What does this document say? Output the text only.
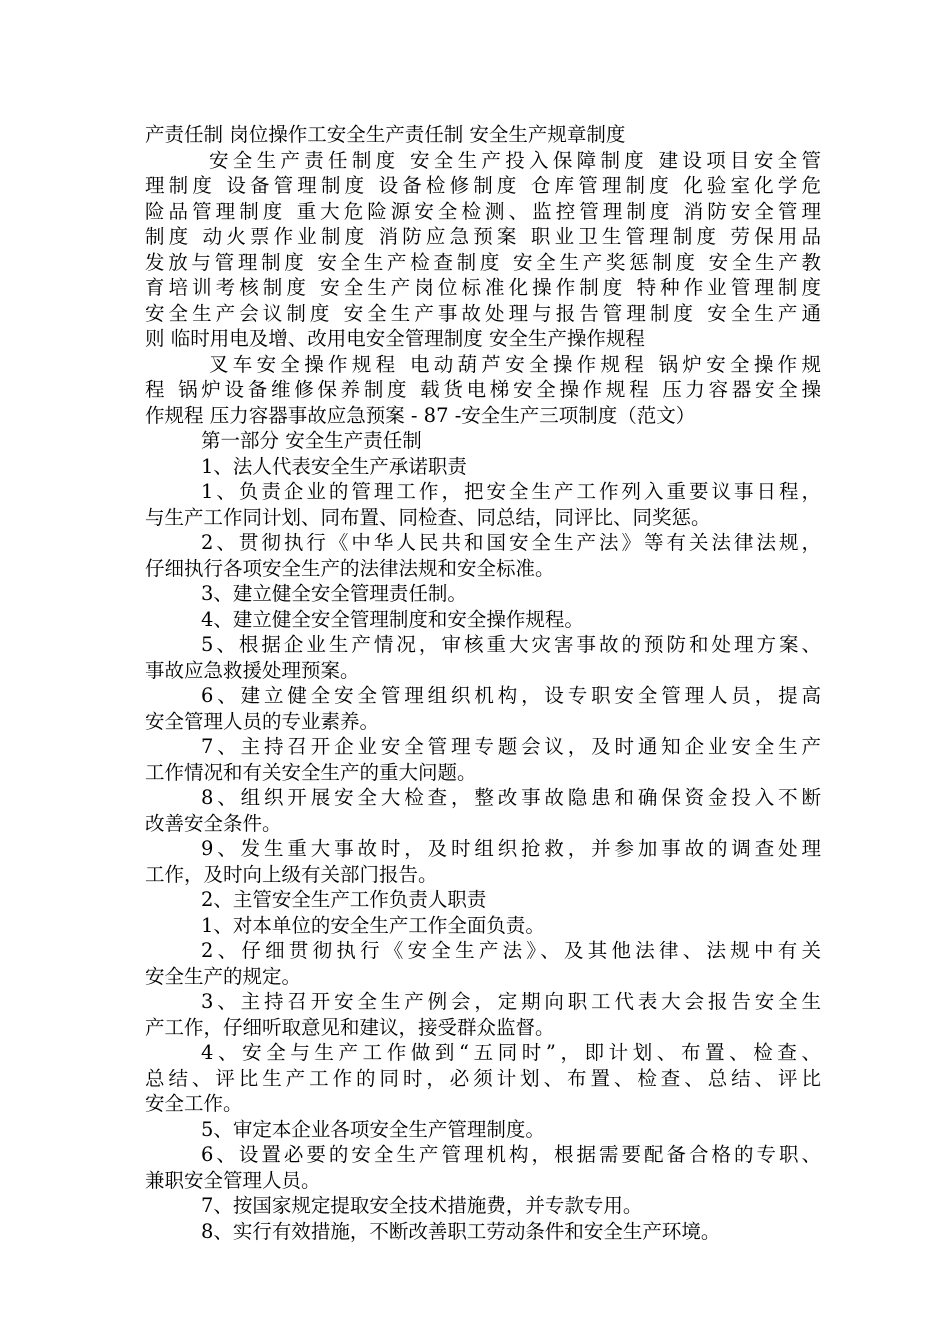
产责任制 岗位操作工安全生产责任制 安全生产规章制度
安全生产责任制度 安全生产投入保障制度 建设项目安全管
理制度 设备管理制度 设备检修制度 仓库管理制度 化验室化学危
险品管理制度 重大危险源安全检测、监控管理制度 消防安全管理
制度 动火票作业制度 消防应急预案 职业卫生管理制度 劳保用品
发放与管理制度 安全生产检查制度 安全生产奖惩制度 安全生产教
育培训考核制度 安全生产岗位标准化操作制度 特种作业管理制度
安全生产会议制度 安全生产事故处理与报告管理制度 安全生产通
则 临时用电及增、改用电安全管理制度 安全生产操作规程
叉车安全操作规程 电动葫芦安全操作规程 锅炉安全操作规
程 锅炉设备维修保养制度 载货电梯安全操作规程 压力容器安全操
作规程 压力容器事故应急预案 - 87 -安全生产三项制度（范文）
第一部分 安全生产责任制
1、法人代表安全生产承诺职责
1、负责企业的管理工作，把安全生产工作列入重要议事日程，
与生产工作同计划、同布置、同检查、同总结，同评比、同奖惩。
2、贯彻执行《中华人民共和国安全生产法》等有关法律法规，
仔细执行各项安全生产的法律法规和安全标准。
3、建立健全安全管理责任制。
4、建立健全安全管理制度和安全操作规程。
5、根据企业生产情况，审核重大灾害事故的预防和处理方案、
事故应急救援处理预案。
6、建立健全安全管理组织机构，设专职安全管理人员，提高
安全管理人员的专业素养。
7、主持召开企业安全管理专题会议，及时通知企业安全生产
工作情况和有关安全生产的重大问题。
8、组织开展安全大检查，整改事故隐患和确保资金投入不断
改善安全条件。
9、发生重大事故时，及时组织抢救，并参加事故的调查处理
工作，及时向上级有关部门报告。
2、主管安全生产工作负责人职责
1、对本单位的安全生产工作全面负责。
2、仔细贯彻执行《安全生产法》、及其他法律、法规中有关
安全生产的规定。
3、主持召开安全生产例会，定期向职工代表大会报告安全生
产工作，仔细听取意见和建议，接受群众监督。
4、安全与生产工作做到“五同时”，即计划、布置、检查、
总结、评比生产工作的同时，必须计划、布置、检查、总结、评比
安全工作。
5、审定本企业各项安全生产管理制度。
6、设置必要的安全生产管理机构，根据需要配备合格的专职、
兼职安全管理人员。
7、按国家规定提取安全技术措施费，并专款专用。
8、实行有效措施，不断改善职工劳动条件和安全生产环境。
